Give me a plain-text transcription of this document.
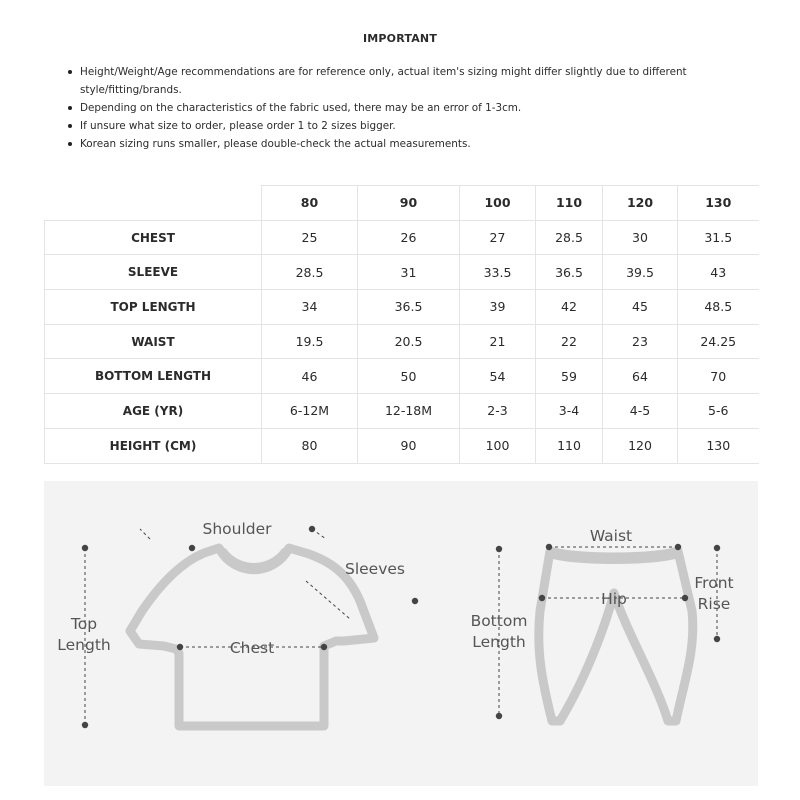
IMPORTANT
Height/Weight/Age recommendations are for reference only, actual item's sizing might differ slightly due to different style/fitting/brands.
Depending on the characteristics of the fabric used, there may be an error of 1-3cm.
If unsure what size to order, please order 1 to 2 sizes bigger.
Korean sizing runs smaller, please double-check the actual measurements.
	80	90	100	110	120	130
CHEST	25	26	27	28.5	30	31.5
SLEEVE	28.5	31	33.5	36.5	39.5	43
TOP LENGTH	34	36.5	39	42	45	48.5
WAIST	19.5	20.5	21	22	23	24.25
BOTTOM LENGTH	46	50	54	59	64	70
AGE (YR)	6-12M	12-18M	2-3	3-4	4-5	5-6
HEIGHT (CM)	80	90	100	110	120	130
Shoulder
Sleeves
Top
Length	Chest
Waist
Hip
Front
Rise
Bottom
Length
